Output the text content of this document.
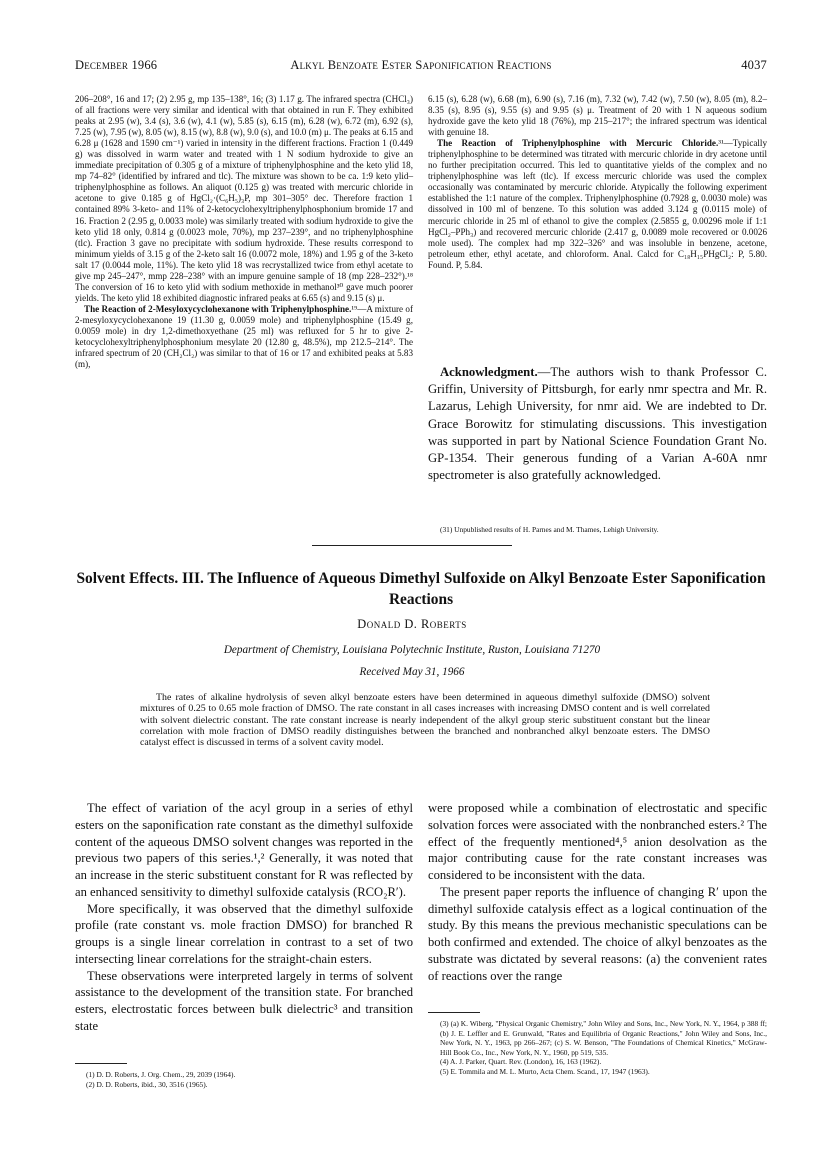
December 1966	Alkyl Benzoate Ester Saponification Reactions	4037

206–208°, 16 and 17; (2) 2.95 g, mp 135–138°, 16; (3) 1.17 g. The infrared spectra (CHCl₃) of all fractions were very similar and identical with that obtained in run F. They exhibited peaks at 2.95 (w), 3.4 (s), 3.6 (w), 4.1 (w), 5.85 (s), 6.15 (m), 6.28 (w), 6.72 (m), 6.92 (s), 7.25 (w), 7.95 (w), 8.05 (w), 8.15 (w), 8.8 (w), 9.0 (s), and 10.0 (m) μ. The peaks at 6.15 and 6.28 μ (1628 and 1590 cm⁻¹) varied in intensity in the different fractions. Fraction 1 (0.449 g) was dissolved in warm water and treated with 1 N sodium hydroxide to give an immediate precipitation of 0.305 g of a mixture of triphenylphosphine and the keto ylid 18, mp 74–82° (identified by infrared and tlc). The mixture was shown to be ca. 1:9 keto ylid–triphenylphosphine as follows. An aliquot (0.125 g) was treated with mercuric chloride in acetone to give 0.185 g of HgCl₂·(C₆H₅)₃P, mp 301–305° dec. Therefore fraction 1 contained 89% 3-keto- and 11% of 2-ketocyclohexyltriphenylphosphonium bromide 17 and 16. Fraction 2 (2.95 g, 0.0033 mole) was similarly treated with sodium hydroxide to give the keto ylid 18 only, 0.814 g (0.0023 mole, 70%), mp 237–239°, and no triphenylphosphine (tlc). Fraction 3 gave no precipitate with sodium hydroxide. These results correspond to minimum yields of 3.15 g of the 2-keto salt 16 (0.0072 mole, 18%) and 1.95 g of the 3-keto salt 17 (0.0044 mole, 11%). The keto ylid 18 was recrystallized twice from ethyl acetate to give mp 245–247°, mmp 228–238° with an impure genuine sample of 18 (mp 228–232°).¹⁸ The conversion of 16 to keto ylid with sodium methoxide in methanol³⁰ gave much poorer yields. The keto ylid 18 exhibited diagnostic infrared peaks at 6.65 (s) and 9.15 (s) μ.

The Reaction of 2-Mesyloxycyclohexanone with Triphenylphosphine.¹⁹—A mixture of 2-mesyloxycyclohexanone 19 (11.30 g, 0.0059 mole) and triphenylphosphine (15.49 g, 0.0059 mole) in dry 1,2-dimethoxyethane (25 ml) was refluxed for 5 hr to give 2-ketocyclohexyltriphenylphosphonium mesylate 20 (12.80 g, 48.5%), mp 212.5–214°. The infrared spectrum of 20 (CH₂Cl₂) was similar to that of 16 or 17 and exhibited peaks at 5.83 (m),

6.15 (s), 6.28 (w), 6.68 (m), 6.90 (s), 7.16 (m), 7.32 (w), 7.42 (w), 7.50 (w), 8.05 (m), 8.2–8.35 (s), 8.95 (s), 9.55 (s) and 9.95 (s) μ. Treatment of 20 with 1 N aqueous sodium hydroxide gave the keto ylid 18 (76%), mp 215–217°; the infrared spectrum was identical with genuine 18.

The Reaction of Triphenylphosphine with Mercuric Chloride.³¹—Typically triphenylphosphine to be determined was titrated with mercuric chloride in dry acetone until no further precipitation occurred. This led to quantitative yields of the complex and no triphenylphosphine was left (tlc). If excess mercuric chloride was used the complex occasionally was contaminated by mercuric chloride. Atypically the following experiment established the 1:1 nature of the complex. Triphenylphosphine (0.7928 g, 0.0030 mole) was dissolved in 100 ml of benzene. To this solution was added 3.124 g (0.0115 mole) of mercuric chloride in 25 ml of ethanol to give the complex (2.5855 g, 0.00296 mole if 1:1 HgCl₂–PPh₃) and recovered mercuric chloride (2.417 g, 0.0089 mole recovered or 0.0026 mole used). The complex had mp 322–326° and was insoluble in benzene, acetone, petroleum ether, ethyl acetate, and chloroform. Anal. Calcd for C₁₈H₁₅PHgCl₂: P, 5.80. Found. P, 5.84.

Acknowledgment.—The authors wish to thank Professor C. Griffin, University of Pittsburgh, for early nmr spectra and Mr. R. Lazarus, Lehigh University, for nmr aid. We are indebted to Dr. Grace Borowitz for stimulating discussions. This investigation was supported in part by National Science Foundation Grant No. GP-1354. Their generous funding of a Varian A-60A nmr spectrometer is also gratefully acknowledged.

(31) Unpublished results of H. Parnes and M. Thames, Lehigh University.

Solvent Effects. III. The Influence of Aqueous Dimethyl Sulfoxide on Alkyl Benzoate Ester Saponification Reactions

Donald D. Roberts

Department of Chemistry, Louisiana Polytechnic Institute, Ruston, Louisiana 71270

Received May 31, 1966

The rates of alkaline hydrolysis of seven alkyl benzoate esters have been determined in aqueous dimethyl sulfoxide (DMSO) solvent mixtures of 0.25 to 0.65 mole fraction of DMSO. The rate constant in all cases increases with increasing DMSO content and is well correlated with solvent dielectric constant. The rate constant increase is nearly independent of the alkyl group steric substituent constant but the linear correlation with mole fraction of DMSO readily distinguishes between the branched and nonbranched alkyl benzoate esters. The DMSO catalyst effect is discussed in terms of a solvent cavity model.

The effect of variation of the acyl group in a series of ethyl esters on the saponification rate constant as the dimethyl sulfoxide content of the aqueous DMSO solvent changes was reported in the previous two papers of this series.¹,² Generally, it was noted that an increase in the steric substituent constant for R was reflected by an enhanced sensitivity to dimethyl sulfoxide catalysis (RCO₂R′).

More specifically, it was observed that the dimethyl sulfoxide profile (rate constant vs. mole fraction DMSO) for branched R groups is a single linear correlation in contrast to a set of two intersecting linear correlations for the straight-chain esters.

These observations were interpreted largely in terms of solvent assistance to the development of the transition state. For branched esters, electrostatic forces between bulk dielectric³ and transition state

(1) D. D. Roberts, J. Org. Chem., 29, 2039 (1964).

(2) D. D. Roberts, ibid., 30, 3516 (1965).

were proposed while a combination of electrostatic and specific solvation forces were associated with the nonbranched esters.² The effect of the frequently mentioned⁴,⁵ anion desolvation as the major contributing cause for the rate constant increases was considered to be inconsistent with the data.

The present paper reports the influence of changing R′ upon the dimethyl sulfoxide catalysis effect as a logical continuation of the study. By this means the previous mechanistic speculations can be both confirmed and extended. The choice of alkyl benzoates as the substrate was dictated by several reasons: (a) the convenient rates of reactions over the range

(3) (a) K. Wiberg, "Physical Organic Chemistry," John Wiley and Sons, Inc., New York, N. Y., 1964, p 388 ff; (b) J. E. Leffler and E. Grunwald, "Rates and Equilibria of Organic Reactions," John Wiley and Sons, Inc., New York, N. Y., 1963, pp 266–267; (c) S. W. Benson, "The Foundations of Chemical Kinetics," McGraw-Hill Book Co., Inc., New York, N. Y., 1960, pp 519, 535.

(4) A. J. Parker, Quart. Rev. (London), 16, 163 (1962).

(5) E. Tommila and M. L. Murto, Acta Chem. Scand., 17, 1947 (1963).
